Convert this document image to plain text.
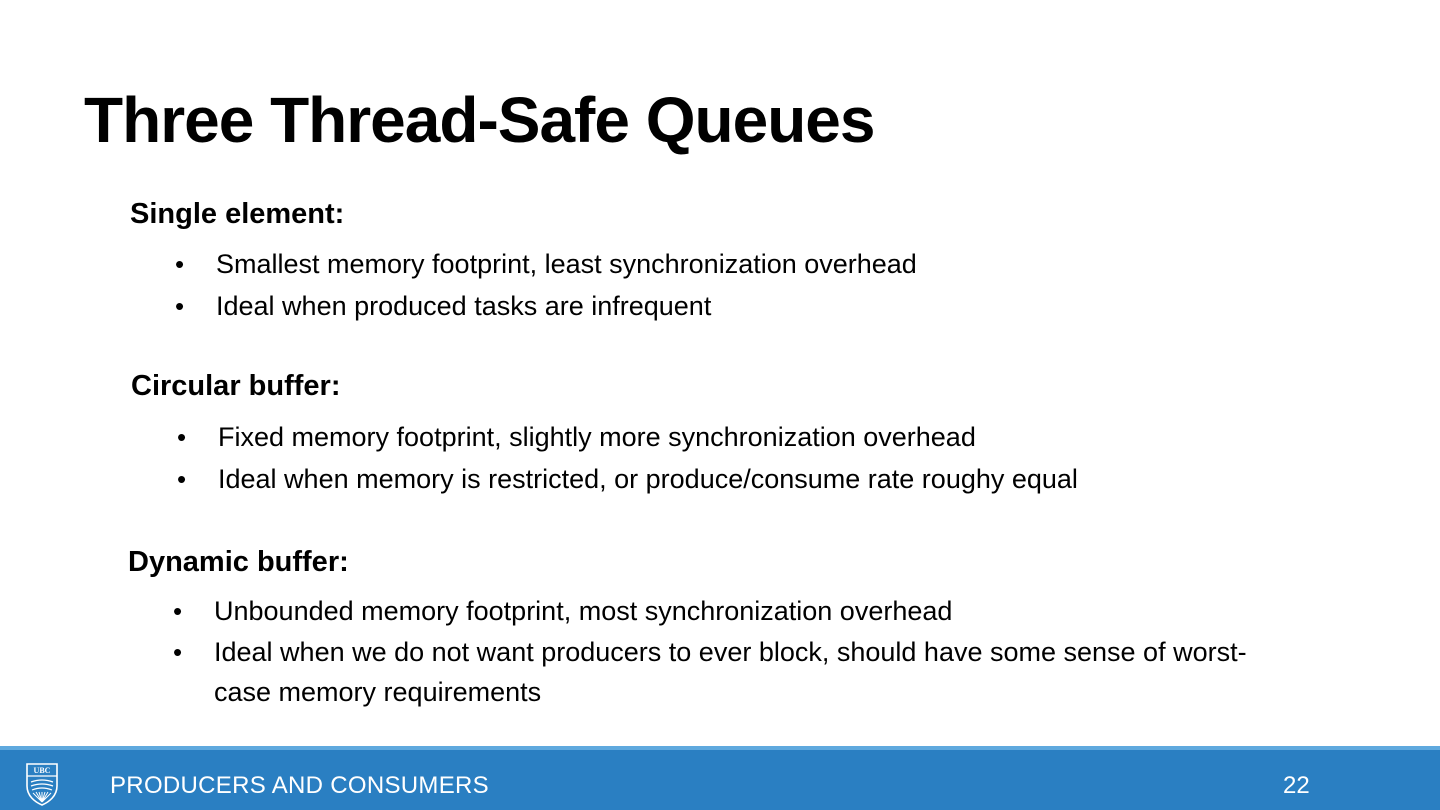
Three Thread-Safe Queues
Single element:
• Smallest memory footprint, least synchronization overhead
• Ideal when produced tasks are infrequent
Circular buffer:
• Fixed memory footprint, slightly more synchronization overhead
• Ideal when memory is restricted, or produce/consume rate roughy equal
Dynamic buffer:
• Unbounded memory footprint, most synchronization overhead
• Ideal when we do not want producers to ever block, should have some sense of worst-case memory requirements
UBC
PRODUCERS AND CONSUMERS	22
